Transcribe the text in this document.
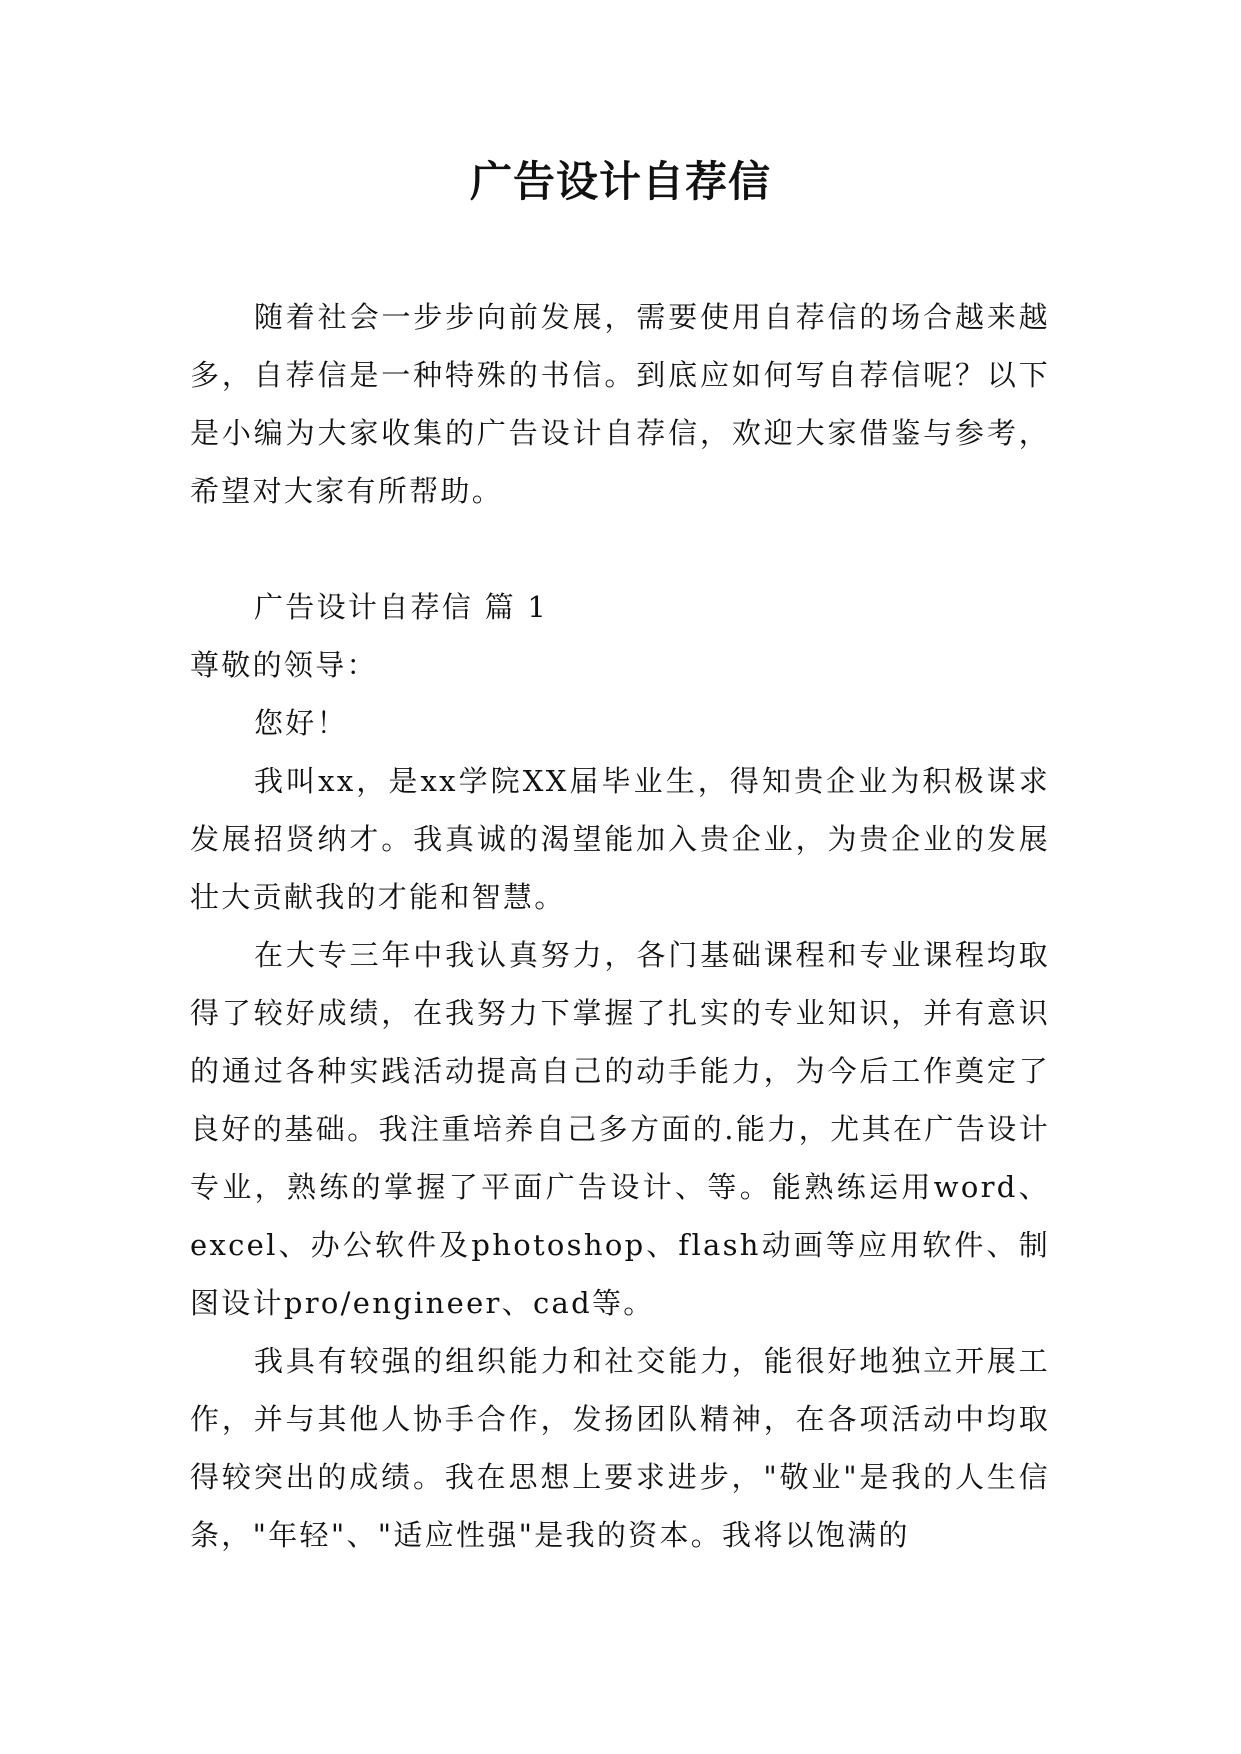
广告设计自荐信

随着社会一步步向前发展，需要使用自荐信的场合越来越多，自荐信是一种特殊的书信。到底应如何写自荐信呢？以下是小编为大家收集的广告设计自荐信，欢迎大家借鉴与参考，希望对大家有所帮助。

广告设计自荐信 篇 1

尊敬的领导：

您好！

我叫xx，是xx学院XX届毕业生，得知贵企业为积极谋求发展招贤纳才。我真诚的渴望能加入贵企业，为贵企业的发展壮大贡献我的才能和智慧。

在大专三年中我认真努力，各门基础课程和专业课程均取得了较好成绩，在我努力下掌握了扎实的专业知识，并有意识的通过各种实践活动提高自己的动手能力，为今后工作奠定了良好的基础。我注重培养自己多方面的.能力，尤其在广告设计专业，熟练的掌握了平面广告设计、等。能熟练运用word、excel、办公软件及photoshop、flash动画等应用软件、制图设计pro/engineer、cad等。

我具有较强的组织能力和社交能力，能很好地独立开展工作，并与其他人协手合作，发扬团队精神，在各项活动中均取得较突出的成绩。我在思想上要求进步，"敬业"是我的人生信条，"年轻"、"适应性强"是我的资本。我将以饱满的
